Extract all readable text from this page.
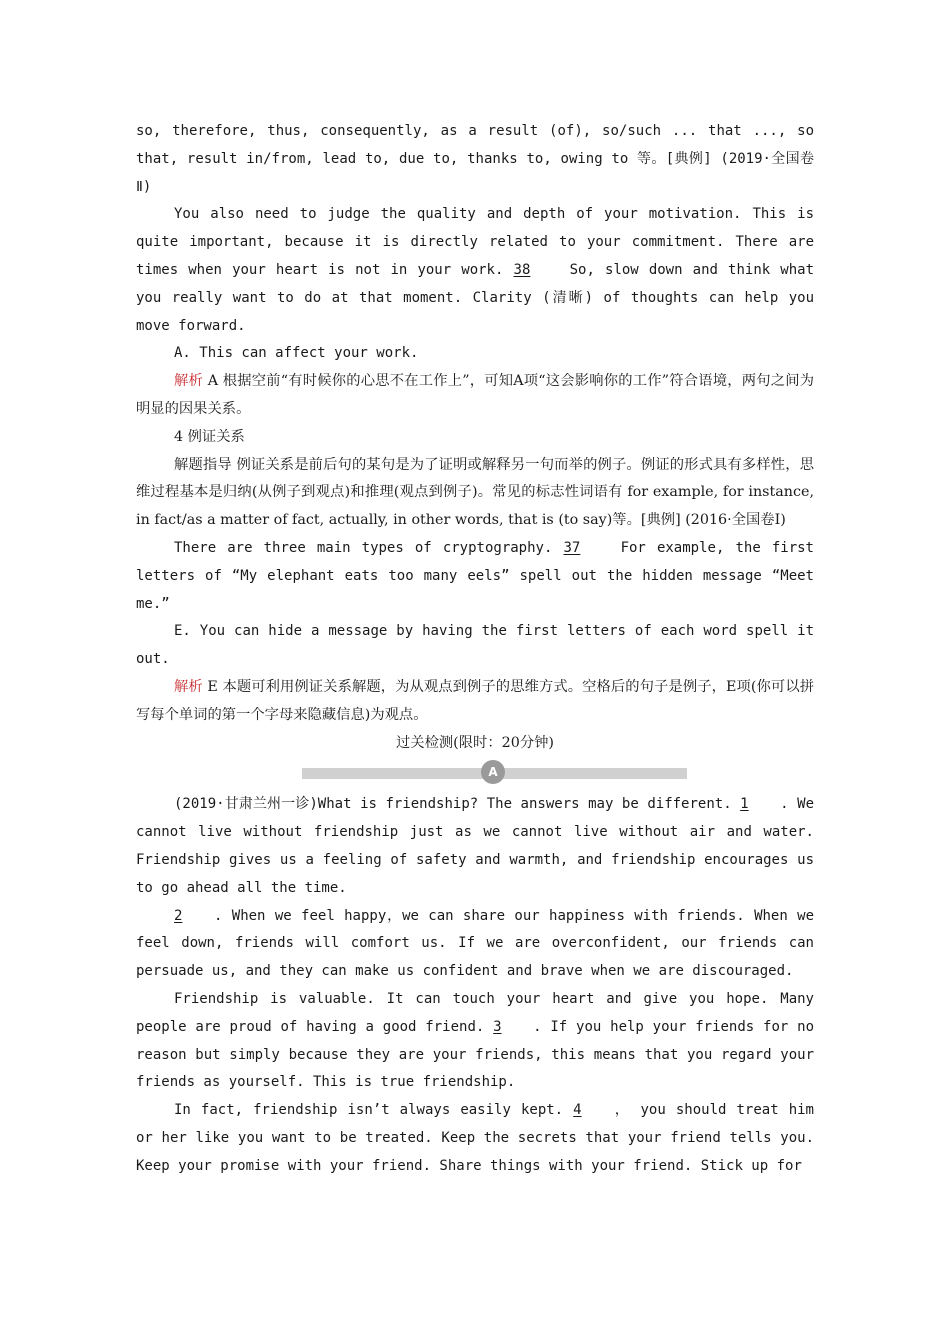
so, therefore, thus, consequently, as a result (of), so/such ... that ..., so that, result in/from, lead to, due to, thanks to, owing to 等。[典例] (2019·全国卷Ⅱ)

You also need to judge the quality and depth of your motivation. This is quite important, because it is directly related to your commitment. There are times when your heart is not in your work. 38 So, slow down and think what you really want to do at that moment. Clarity (清晰) of thoughts can help you move forward.

A. This can affect your work.

解析 A 根据空前“有时候你的心思不在工作上”，可知A项“这会影响你的工作”符合语境，两句之间为明显的因果关系。

4 例证关系

解题指导 例证关系是前后句的某句是为了证明或解释另一句而举的例子。例证的形式具有多样性，思维过程基本是归纳(从例子到观点)和推理(观点到例子)。常见的标志性词语有 for example, for instance, in fact/as a matter of fact, actually, in other words, that is (to say)等。[典例] (2016·全国卷Ⅰ)

There are three main types of cryptography. 37 For example, the first letters of “My elephant eats too many eels” spell out the hidden message “Meet me.”

E. You can hide a message by having the first letters of each word spell it out.

解析 E 本题可利用例证关系解题，为从观点到例子的思维方式。空格后的句子是例子，E项(你可以拼写每个单词的第一个字母来隐藏信息)为观点。

过关检测(限时：20分钟)

A

(2019·甘肃兰州一诊)What is friendship? The answers may be different. 1 . We cannot live without friendship just as we cannot live without air and water. Friendship gives us a feeling of safety and warmth, and friendship encourages us to go ahead all the time.

2 . When we feel happy，we can share our happiness with friends. When we feel down, friends will comfort us. If we are overconfident, our friends can persuade us, and they can make us confident and brave when we are discouraged.

Friendship is valuable. It can touch your heart and give you hope. Many people are proud of having a good friend. 3 . If you help your friends for no reason but simply because they are your friends, this means that you regard your friends as yourself. This is true friendship.

In fact, friendship isn’t always easily kept. 4 ， you should treat him or her like you want to be treated. Keep the secrets that your friend tells you. Keep your promise with your friend. Share things with your friend. Stick up for
